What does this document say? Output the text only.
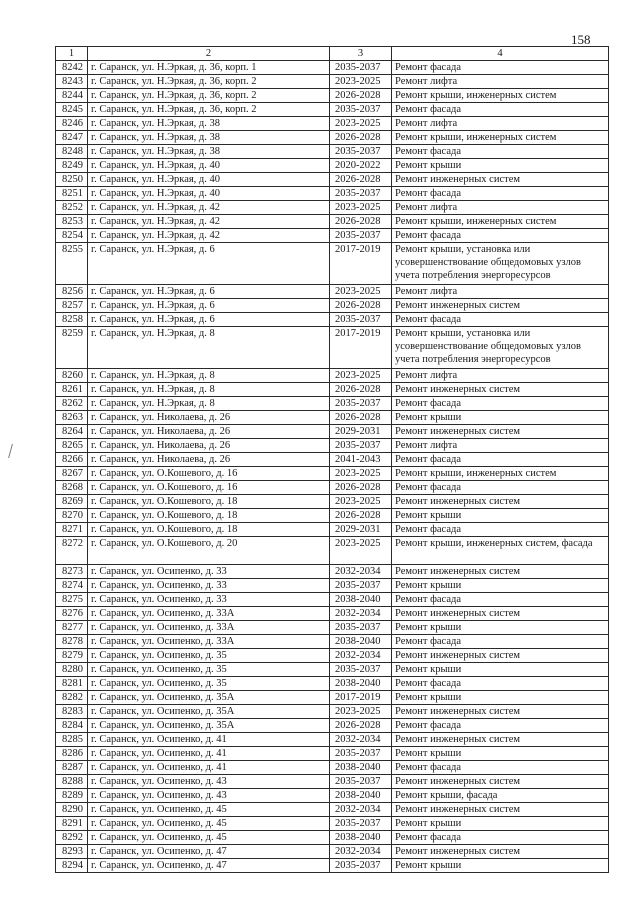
158
1	2	3	4
8242	г. Саранск, ул. Н.Эркая, д. 36, корп. 1	2035-2037	Ремонт фасада
8243	г. Саранск, ул. Н.Эркая, д. 36, корп. 2	2023-2025	Ремонт лифта
8244	г. Саранск, ул. Н.Эркая, д. 36, корп. 2	2026-2028	Ремонт крыши, инженерных систем
8245	г. Саранск, ул. Н.Эркая, д. 36, корп. 2	2035-2037	Ремонт фасада
8246	г. Саранск, ул. Н.Эркая, д. 38	2023-2025	Ремонт лифта
8247	г. Саранск, ул. Н.Эркая, д. 38	2026-2028	Ремонт крыши, инженерных систем
8248	г. Саранск, ул. Н.Эркая, д. 38	2035-2037	Ремонт фасада
8249	г. Саранск, ул. Н.Эркая, д. 40	2020-2022	Ремонт крыши
8250	г. Саранск, ул. Н.Эркая, д. 40	2026-2028	Ремонт инженерных систем
8251	г. Саранск, ул. Н.Эркая, д. 40	2035-2037	Ремонт фасада
8252	г. Саранск, ул. Н.Эркая, д. 42	2023-2025	Ремонт лифта
8253	г. Саранск, ул. Н.Эркая, д. 42	2026-2028	Ремонт крыши, инженерных систем
8254	г. Саранск, ул. Н.Эркая, д. 42	2035-2037	Ремонт фасада
8255	г. Саранск, ул. Н.Эркая, д. 6	2017-2019	Ремонт крыши, установка или усовершенствование общедомовых узлов учета потребления энергоресурсов
8256	г. Саранск, ул. Н.Эркая, д. 6	2023-2025	Ремонт лифта
8257	г. Саранск, ул. Н.Эркая, д. 6	2026-2028	Ремонт инженерных систем
8258	г. Саранск, ул. Н.Эркая, д. 6	2035-2037	Ремонт фасада
8259	г. Саранск, ул. Н.Эркая, д. 8	2017-2019	Ремонт крыши, установка или усовершенствование общедомовых узлов учета потребления энергоресурсов
8260	г. Саранск, ул. Н.Эркая, д. 8	2023-2025	Ремонт лифта
8261	г. Саранск, ул. Н.Эркая, д. 8	2026-2028	Ремонт инженерных систем
8262	г. Саранск, ул. Н.Эркая, д. 8	2035-2037	Ремонт фасада
8263	г. Саранск, ул. Николаева, д. 26	2026-2028	Ремонт крыши
8264	г. Саранск, ул. Николаева, д. 26	2029-2031	Ремонт инженерных систем
8265	г. Саранск, ул. Николаева, д. 26	2035-2037	Ремонт лифта
8266	г. Саранск, ул. Николаева, д. 26	2041-2043	Ремонт фасада
8267	г. Саранск, ул. О.Кошевого, д. 16	2023-2025	Ремонт крыши, инженерных систем
8268	г. Саранск, ул. О.Кошевого, д. 16	2026-2028	Ремонт фасада
8269	г. Саранск, ул. О.Кошевого, д. 18	2023-2025	Ремонт инженерных систем
8270	г. Саранск, ул. О.Кошевого, д. 18	2026-2028	Ремонт крыши
8271	г. Саранск, ул. О.Кошевого, д. 18	2029-2031	Ремонт фасада
8272	г. Саранск, ул. О.Кошевого, д. 20	2023-2025	Ремонт крыши, инженерных систем, фасада
8273	г. Саранск, ул. Осипенко, д. 33	2032-2034	Ремонт инженерных систем
8274	г. Саранск, ул. Осипенко, д. 33	2035-2037	Ремонт крыши
8275	г. Саранск, ул. Осипенко, д. 33	2038-2040	Ремонт фасада
8276	г. Саранск, ул. Осипенко, д. 33А	2032-2034	Ремонт инженерных систем
8277	г. Саранск, ул. Осипенко, д. 33А	2035-2037	Ремонт крыши
8278	г. Саранск, ул. Осипенко, д. 33А	2038-2040	Ремонт фасада
8279	г. Саранск, ул. Осипенко, д. 35	2032-2034	Ремонт инженерных систем
8280	г. Саранск, ул. Осипенко, д. 35	2035-2037	Ремонт крыши
8281	г. Саранск, ул. Осипенко, д. 35	2038-2040	Ремонт фасада
8282	г. Саранск, ул. Осипенко, д. 35А	2017-2019	Ремонт крыши
8283	г. Саранск, ул. Осипенко, д. 35А	2023-2025	Ремонт инженерных систем
8284	г. Саранск, ул. Осипенко, д. 35А	2026-2028	Ремонт фасада
8285	г. Саранск, ул. Осипенко, д. 41	2032-2034	Ремонт инженерных систем
8286	г. Саранск, ул. Осипенко, д. 41	2035-2037	Ремонт крыши
8287	г. Саранск, ул. Осипенко, д. 41	2038-2040	Ремонт фасада
8288	г. Саранск, ул. Осипенко, д. 43	2035-2037	Ремонт инженерных систем
8289	г. Саранск, ул. Осипенко, д. 43	2038-2040	Ремонт крыши, фасада
8290	г. Саранск, ул. Осипенко, д. 45	2032-2034	Ремонт инженерных систем
8291	г. Саранск, ул. Осипенко, д. 45	2035-2037	Ремонт крыши
8292	г. Саранск, ул. Осипенко, д. 45	2038-2040	Ремонт фасада
8293	г. Саранск, ул. Осипенко, д. 47	2032-2034	Ремонт инженерных систем
8294	г. Саранск, ул. Осипенко, д. 47	2035-2037	Ремонт крыши
